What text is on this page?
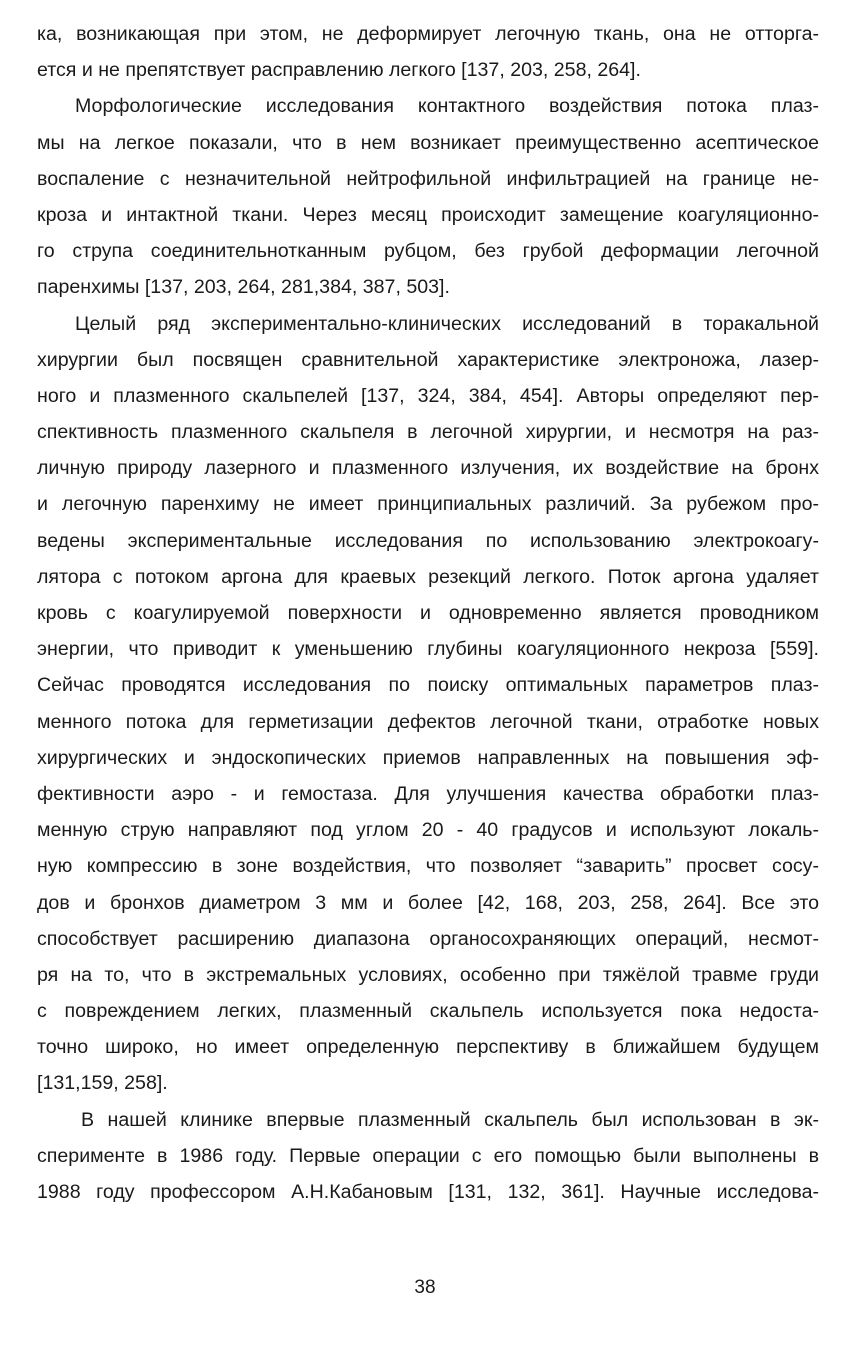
ка, возникающая при этом, не деформирует легочную ткань, она не отторга-
ется и не препятствует расправлению легкого [137, 203, 258, 264].
Морфологические исследования контактного воздействия потока плаз-
мы на легкое показали, что в нем возникает преимущественно асептическое
воспаление с незначительной нейтрофильной инфильтрацией на границе не-
кроза и интактной ткани. Через месяц происходит замещение коагуляционно-
го струпа соединительнотканным рубцом, без грубой деформации легочной
паренхимы [137, 203, 264, 281,384, 387, 503].
Целый ряд экспериментально-клинических исследований в торакальной
хирургии был посвящен сравнительной характеристике электроножа, лазер-
ного и плазменного скальпелей [137, 324, 384, 454]. Авторы определяют пер-
спективность плазменного скальпеля в легочной хирургии, и несмотря на раз-
личную природу лазерного и плазменного излучения, их воздействие на бронх
и легочную паренхиму не имеет принципиальных различий. За рубежом про-
ведены экспериментальные исследования по использованию электрокоагу-
лятора с потоком аргона для краевых резекций легкого. Поток аргона удаляет
кровь с коагулируемой поверхности и одновременно является проводником
энергии, что приводит к уменьшению глубины коагуляционного некроза [559].
Сейчас проводятся исследования по поиску оптимальных параметров плаз-
менного потока для герметизации дефектов легочной ткани, отработке новых
хирургических и эндоскопических приемов направленных на повышения эф-
фективности аэро - и гемостаза. Для улучшения качества обработки плаз-
менную струю направляют под углом 20 - 40 градусов и используют локаль-
ную компрессию в зоне воздействия, что позволяет “заварить” просвет сосу-
дов и бронхов диаметром 3 мм и более [42, 168, 203, 258, 264]. Все это
способствует расширению диапазона органосохраняющих операций, несмот-
ря на то, что в экстремальных условиях, особенно при тяжёлой травме груди
с повреждением легких, плазменный скальпель используется пока недоста-
точно широко, но имеет определенную перспективу в ближайшем будущем
[131,159, 258].
В нашей клинике впервые плазменный скальпель был использован в эк-
сперименте в 1986 году. Первые операции с его помощью были выполнены в
1988 году профессором А.Н.Кабановым [131, 132, 361]. Научные исследова-
38
